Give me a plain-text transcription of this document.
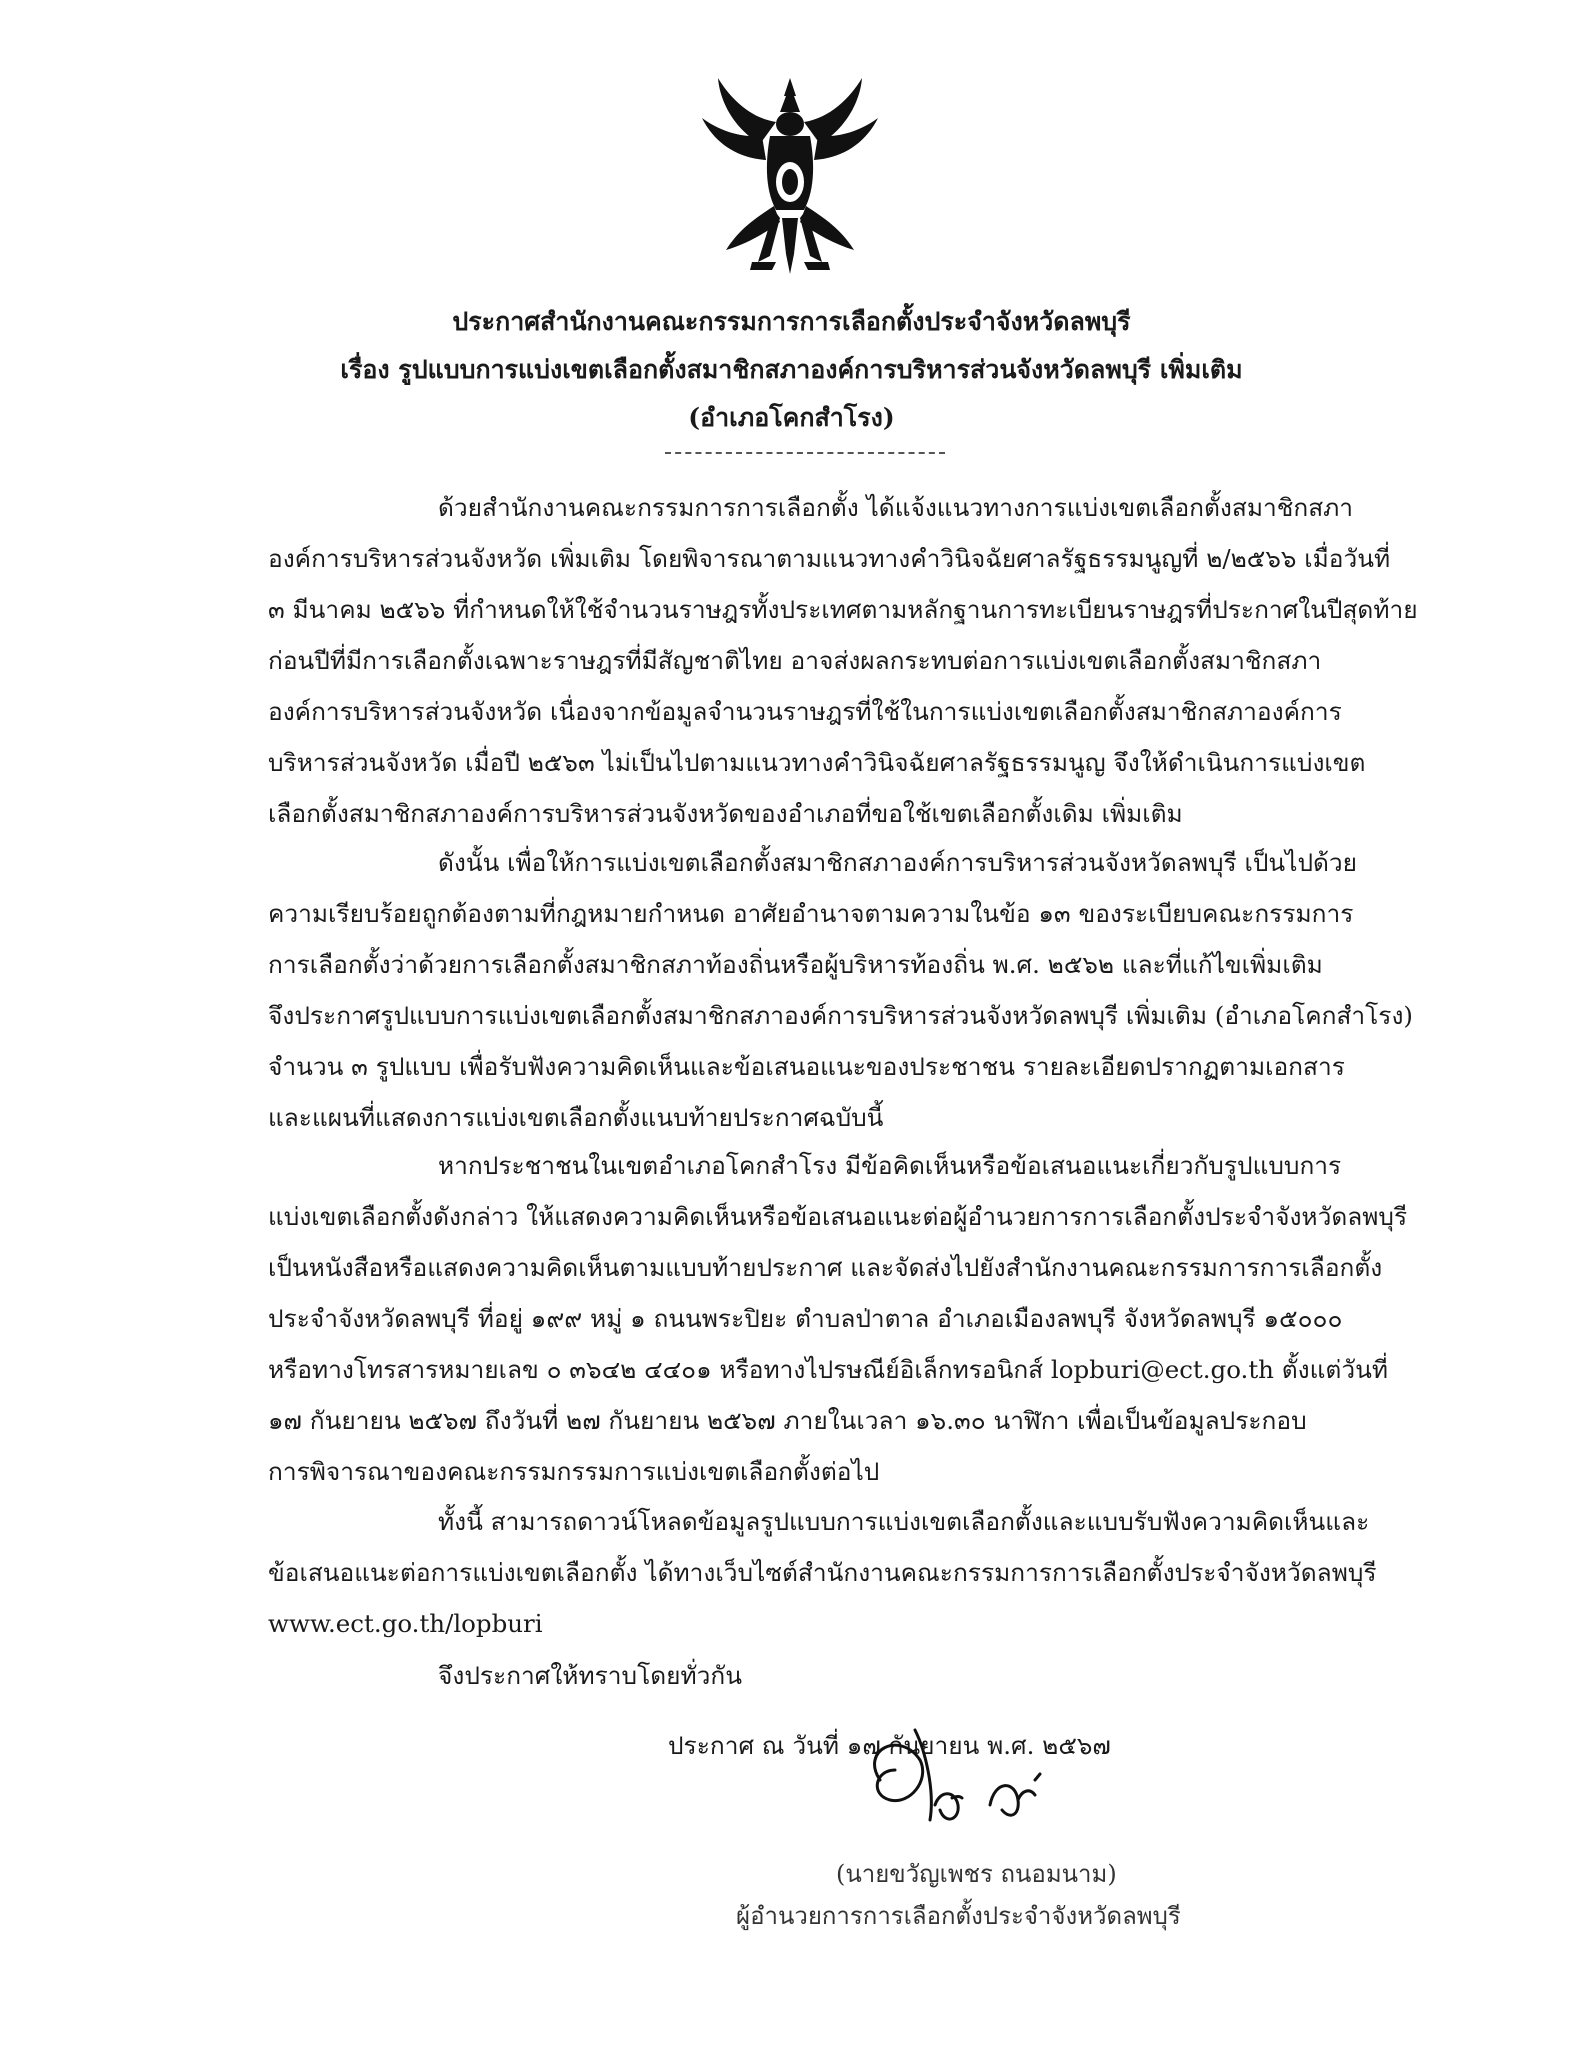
ประกาศสำนักงานคณะกรรมการการเลือกตั้งประจำจังหวัดลพบุรี
เรื่อง รูปแบบการแบ่งเขตเลือกตั้งสมาชิกสภาองค์การบริหารส่วนจังหวัดลพบุรี เพิ่มเติม
(อำเภอโคกสำโรง)
ด้วยสำนักงานคณะกรรมการการเลือกตั้ง ได้แจ้งแนวทางการแบ่งเขตเลือกตั้งสมาชิกสภา
องค์การบริหารส่วนจังหวัด เพิ่มเติม โดยพิจารณาตามแนวทางคำวินิจฉัยศาลรัฐธรรมนูญที่ ๒/๒๕๖๖ เมื่อวันที่
๓ มีนาคม ๒๕๖๖ ที่กำหนดให้ใช้จำนวนราษฎรทั้งประเทศตามหลักฐานการทะเบียนราษฎรที่ประกาศในปีสุดท้าย
ก่อนปีที่มีการเลือกตั้งเฉพาะราษฎรที่มีสัญชาติไทย อาจส่งผลกระทบต่อการแบ่งเขตเลือกตั้งสมาชิกสภา
องค์การบริหารส่วนจังหวัด เนื่องจากข้อมูลจำนวนราษฎรที่ใช้ในการแบ่งเขตเลือกตั้งสมาชิกสภาองค์การ
บริหารส่วนจังหวัด เมื่อปี ๒๕๖๓ ไม่เป็นไปตามแนวทางคำวินิจฉัยศาลรัฐธรรมนูญ จึงให้ดำเนินการแบ่งเขต
เลือกตั้งสมาชิกสภาองค์การบริหารส่วนจังหวัดของอำเภอที่ขอใช้เขตเลือกตั้งเดิม เพิ่มเติม
ดังนั้น เพื่อให้การแบ่งเขตเลือกตั้งสมาชิกสภาองค์การบริหารส่วนจังหวัดลพบุรี เป็นไปด้วย
ความเรียบร้อยถูกต้องตามที่กฎหมายกำหนด อาศัยอำนาจตามความในข้อ ๑๓ ของระเบียบคณะกรรมการ
การเลือกตั้งว่าด้วยการเลือกตั้งสมาชิกสภาท้องถิ่นหรือผู้บริหารท้องถิ่น พ.ศ. ๒๕๖๒ และที่แก้ไขเพิ่มเติม
จึงประกาศรูปแบบการแบ่งเขตเลือกตั้งสมาชิกสภาองค์การบริหารส่วนจังหวัดลพบุรี เพิ่มเติม (อำเภอโคกสำโรง)
จำนวน ๓ รูปแบบ เพื่อรับฟังความคิดเห็นและข้อเสนอแนะของประชาชน รายละเอียดปรากฏตามเอกสาร
และแผนที่แสดงการแบ่งเขตเลือกตั้งแนบท้ายประกาศฉบับนี้
หากประชาชนในเขตอำเภอโคกสำโรง มีข้อคิดเห็นหรือข้อเสนอแนะเกี่ยวกับรูปแบบการ
แบ่งเขตเลือกตั้งดังกล่าว ให้แสดงความคิดเห็นหรือข้อเสนอแนะต่อผู้อำนวยการการเลือกตั้งประจำจังหวัดลพบุรี
เป็นหนังสือหรือแสดงความคิดเห็นตามแบบท้ายประกาศ และจัดส่งไปยังสำนักงานคณะกรรมการการเลือกตั้ง
ประจำจังหวัดลพบุรี ที่อยู่ ๑๙๙ หมู่ ๑ ถนนพระปิยะ ตำบลป่าตาล อำเภอเมืองลพบุรี จังหวัดลพบุรี ๑๕๐๐๐
หรือทางโทรสารหมายเลข ๐ ๓๖๔๒ ๔๔๐๑ หรือทางไปรษณีย์อิเล็กทรอนิกส์ lopburi@ect.go.th ตั้งแต่วันที่
๑๗ กันยายน ๒๕๖๗ ถึงวันที่ ๒๗ กันยายน ๒๕๖๗ ภายในเวลา ๑๖.๓๐ นาฬิกา เพื่อเป็นข้อมูลประกอบ
การพิจารณาของคณะกรรมกรรมการแบ่งเขตเลือกตั้งต่อไป
ทั้งนี้ สามารถดาวน์โหลดข้อมูลรูปแบบการแบ่งเขตเลือกตั้งและแบบรับฟังความคิดเห็นและ
ข้อเสนอแนะต่อการแบ่งเขตเลือกตั้ง ได้ทางเว็บไซต์สำนักงานคณะกรรมการการเลือกตั้งประจำจังหวัดลพบุรี
www.ect.go.th/lopburi
จึงประกาศให้ทราบโดยทั่วกัน
ประกาศ ณ วันที่ ๑๗ กันยายน พ.ศ. ๒๕๖๗
(นายขวัญเพชร ถนอมนาม)
ผู้อำนวยการการเลือกตั้งประจำจังหวัดลพบุรี
